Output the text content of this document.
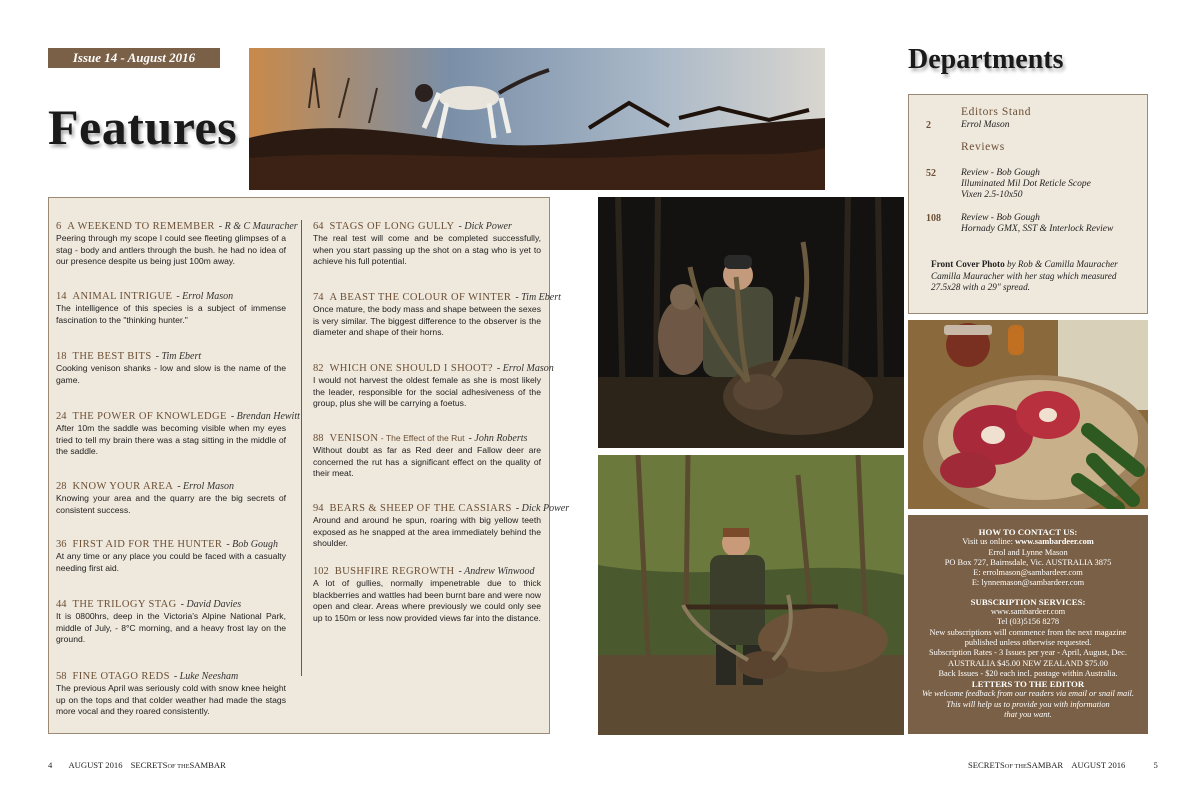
Issue 14 - August 2016
Features
6 A WEEKEND TO REMEMBER - R & C Mauracher
Peering through my scope I could see fleeting glimpses of a stag - body and antlers through the bush. he had no idea of our presence despite us being just 100m away.
14 ANIMAL INTRIGUE - Errol Mason
The intelligence of this species is a subject of immense fascination to the "thinking hunter."
18 THE BEST BITS - Tim Ebert
Cooking venison shanks - low and slow is the name of the game.
24 THE POWER OF KNOWLEDGE - Brendan Hewitt
After 10m the saddle was becoming visible when my eyes tried to tell my brain there was a stag sitting in the middle of the saddle.
28 KNOW YOUR AREA - Errol Mason
Knowing your area and the quarry are the big secrets of consistent success.
36 FIRST AID FOR THE HUNTER - Bob Gough
At any time or any place you could be faced with a casualty needing first aid.
44 THE TRILOGY STAG - David Davies
It is 0800hrs, deep in the Victoria's Alpine National Park, middle of July, - 8°C morning, and a heavy frost lay on the ground.
58 FINE OTAGO REDS - Luke Neesham
The previous April was seriously cold with snow knee height up on the tops and that colder weather had made the stags more vocal and they roared consistently.
64 STAGS OF LONG GULLY - Dick Power
The real test will come and be completed successfully, when you start passing up the shot on a stag who is yet to achieve his full potential.
74 A BEAST THE COLOUR OF WINTER - Tim Ebert
Once mature, the body mass and shape between the sexes is very similar. The biggest difference to the observer is the diameter and shape of their horns.
82 WHICH ONE SHOULD I SHOOT? - Errol Mason
I would not harvest the oldest female as she is most likely the leader, responsible for the social adhesiveness of the group, plus she will be carrying a foetus.
88 VENISON - The Effect of the Rut - John Roberts
Without doubt as far as Red deer and Fallow deer are concerned the rut has a significant effect on the quality of their meat.
94 BEARS & SHEEP OF THE CASSIARS - Dick Power
Around and around he spun, roaring with big yellow teeth exposed as he snapped at the area immediately behind the shoulder.
102 BUSHFIRE REGROWTH - Andrew Winwood
A lot of gullies, normally impenetrable due to thick blackberries and wattles had been burnt bare and were now open and clear. Areas where previously we could only see up to 150m or less now provided views far into the distance.
Departments
Editors Stand
2	Errol Mason
Reviews
52	Review - Bob Gough
Illuminated Mil Dot Reticle Scope
Vixen 2.5-10x50
108 Review - Bob Gough
Hornady GMX, SST & Interlock Review
Front Cover Photo by Rob & Camilla Mauracher
Camilla Mauracher with her stag which measured 27.5x28 with a 29" spread.
HOW TO CONTACT US:
Visit us online: www.sambardeer.com
Errol and Lynne Mason
PO Box 727, Bairnsdale, Vic. AUSTRALIA 3875
E: errolmason@sambardeer.com
E: lynnemason@sambardeer.com
SUBSCRIPTION SERVICES:
www.sambardeer.com
Tel (03)5156 8278
New subscriptions will commence from the next magazine
published unless otherwise requested.
Subscription Rates - 3 Issues per year - April, August, Dec.
AUSTRALIA $45.00 NEW ZEALAND $75.00
Back Issues - $20 each incl. postage within Australia.
LETTERS TO THE EDITOR
We welcome feedback from our readers via email or snail mail.
This will help us to provide you with information
that you want.
4 AUGUST 2016 SECRETSOF THESAMBAR	SECRETSOF THESAMBAR AUGUST 2016	5
